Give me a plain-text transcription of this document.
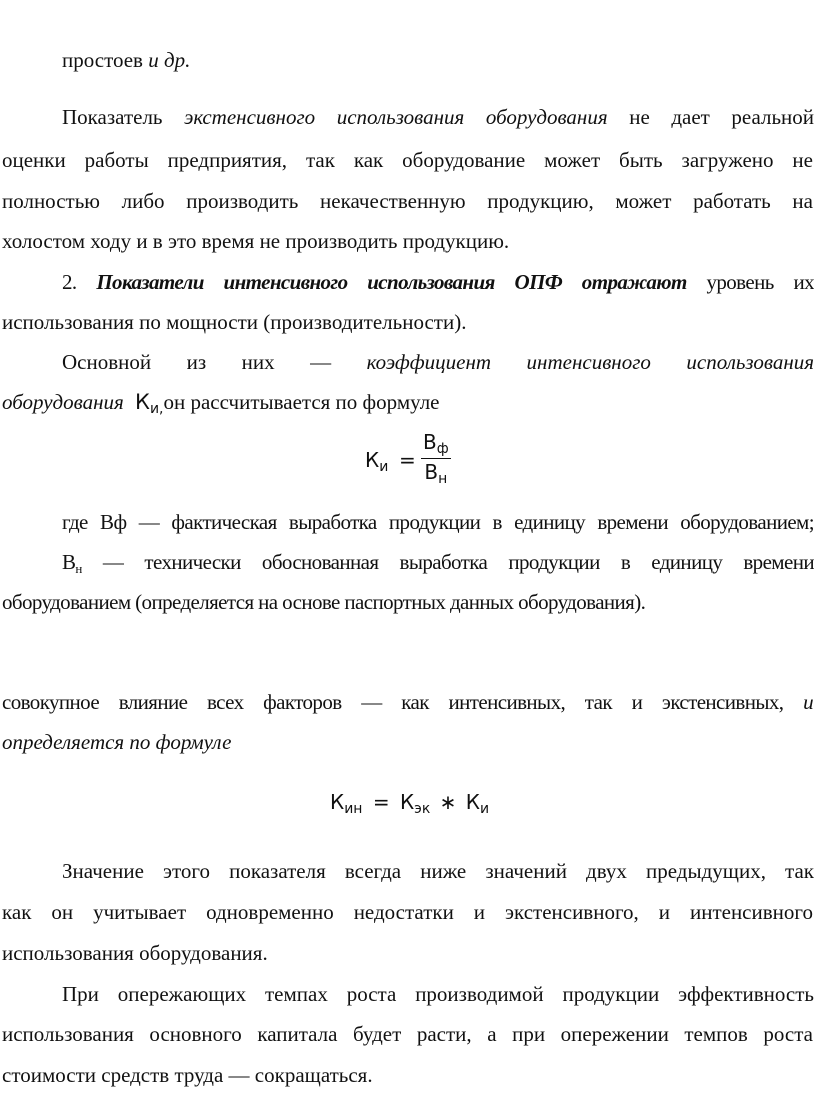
простоев и др.
Показатель экстенсивного использования оборудования не дает реальной
оценки работы предприятия, так как оборудование может быть загружено не
полностью либо производить некачественную продукцию, может работать на
холостом ходу и в это время не производить продукцию.
2. Показатели интенсивного использования ОПФ отражают уровень их
использования по мощности (производительности).
Основной из них — коэффициент интенсивного использования
оборудования $К_{и,}он$ рассчитывается по формуле
$К_и$ =
$В_ф$
$В_н$
где Вф — фактическая выработка продукции в единицу времени оборудованием;
$В_н$ — технически обоснованная выработка продукции в единицу времени
оборудованием (определяется на основе паспортных данных оборудования).
совокупное влияние всех факторов — как интенсивных, так и экстенсивных, и
определяется по формуле
$К_{ин} = К_{эк}$ ∗ $К_и$
Значение этого показателя всегда ниже значений двух предыдущих, так
как он учитывает одновременно недостатки и экстенсивного, и интенсивного
использования оборудования.
При опережающих темпах роста производимой продукции эффективность
использования основного капитала будет расти, а при опережении темпов роста
стоимости средств труда — сокращаться.
